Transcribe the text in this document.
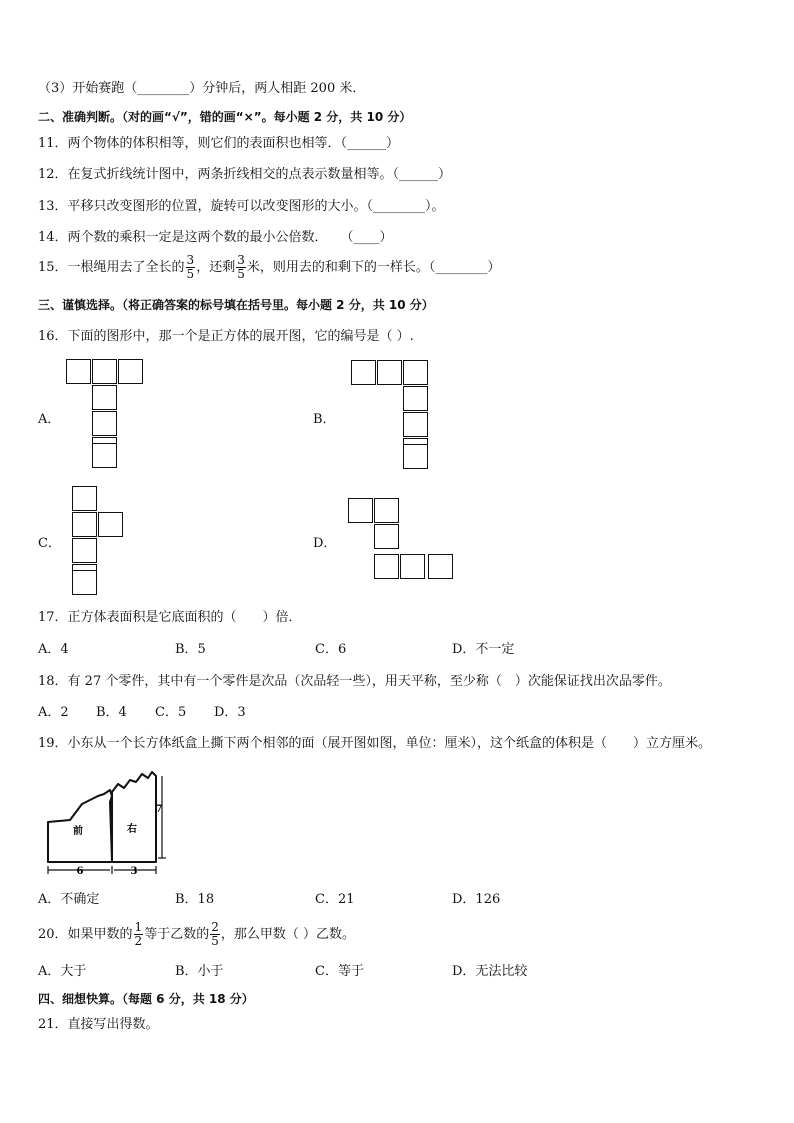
（3）开始赛跑（________）分钟后，两人相距 200 米．
二、准确判断。（对的画“√”，错的画“×”。每小题 2 分，共 10 分）
11．两个物体的体积相等，则它们的表面积也相等．（______）
12．在复式折线统计图中，两条折线相交的点表示数量相等。（______）
13．平移只改变图形的位置，旋转可以改变图形的大小。（________）。
14．两个数的乘积一定是这两个数的最小公倍数．　　（____）
15．一根绳用去了全长的 $\frac{3}{5}$ ，还剩 $\frac{3}{5}$ 米，则用去的和剩下的一样长。（________）
三、谨慎选择。（将正确答案的标号填在括号里。每小题 2 分，共 10 分）
16．下面的图形中，那一个是正方体的展开图，它的编号是（ ）.
A．	B．
C．	D．
17．正方体表面积是它底面积的（　　）倍．
A．4	B．5	C．6	D．不一定
18．有 27 个零件，其中有一个零件是次品（次品轻一些），用天平称，至少称（　）次能保证找出次品零件。
A．2 B．4 C．5 D．3
19．小东从一个长方体纸盒上撕下两个相邻的面（展开图如图，单位：厘米），这个纸盒的体积是（　　）立方厘米。
前	右
7
6	3
A．不确定	B．18	C．21	D．126
20．如果甲数的 $\frac{1}{2}$ 等于乙数的 $\frac{2}{5}$ ，那么甲数（ ）乙数。
A．大于	B．小于	C．等于	D．无法比较
四、细想快算。（每题 6 分，共 18 分）
21．直接写出得数。
